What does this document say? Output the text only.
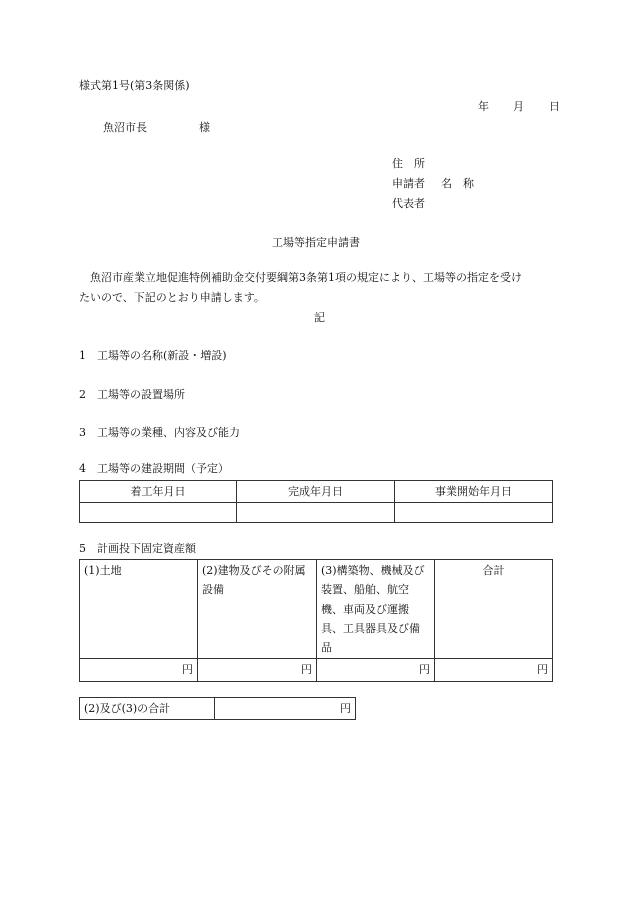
様式第1号(第3条関係)
年 月 日
魚沼市長	様
住　所
申請者 名　称
代表者
工場等指定申請書
魚沼市産業立地促進特例補助金交付要綱第3条第1項の規定により、工場等の指定を受け
たいので、下記のとおり申請します。
記
1　工場等の名称(新設・増設)
2　工場等の設置場所
3　工場等の業種、内容及び能力
4　工場等の建設期間（予定）
着工年月日	完成年月日	事業開始年月日

5　計画投下固定資産額
(1)土地	(2)建物及びその附属設備	(3)構築物、機械及び装置、船舶、航空機、車両及び運搬具、工具器具及び備品	合計
円	円	円	円
(2)及び(3)の合計	円
